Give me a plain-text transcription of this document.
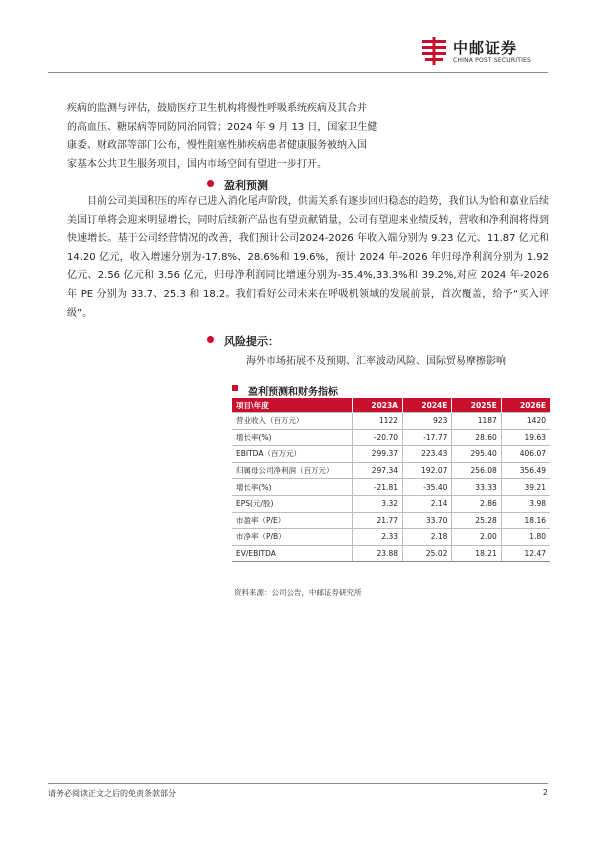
中邮证券
CHINA POST SECURITIES

疾病的监测与评估，鼓励医疗卫生机构将慢性呼吸系统疾病及其合并

的高血压、糖尿病等同防同治同管；2024 年 9 月 13 日，国家卫生健

康委、财政部等部门公布，慢性阻塞性肺疾病患者健康服务被纳入国

家基本公共卫生服务项目，国内市场空间有望进一步打开。

盈利预测

目前公司美国积压的库存已进入消化尾声阶段，供需关系有逐步回归稳态的趋势，我们认为恰和嘉业后续美国订单将会迎来明显增长，同时后续新产品也有望贡献销量，公司有望迎来业绩反转，营收和净利润将得到快速增长。基于公司经营情况的改善，我们预计公司2024-2026 年收入端分别为 9.23 亿元、11.87 亿元和 14.20 亿元，收入增速分别为-17.8%、28.6%和 19.6%，预计 2024 年-2026 年归母净利润分别为 1.92 亿元、2.56 亿元和 3.56 亿元，归母净利润同比增速分别为-35.4%,33.3%和 39.2%,对应 2024 年-2026 年 PE 分别为 33.7、25.3 和 18.2。我们看好公司未来在呼吸机领域的发展前景，首次覆盖，给予“买入评级”。

风险提示：
海外市场拓展不及预期、汇率波动风险、国际贸易摩擦影响
盈利预测和财务指标
项目\年度	2023A	2024E	2025E	2026E
营业收入（百万元）	1122	923	1187	1420
增长率(%)	-20.70	-17.77	28.60	19.63
EBITDA（百万元）	299.37	223.43	295.40	406.07
归属母公司净利润（百万元）	297.34	192.07	256.08	356.49
增长率(%)	-21.81	-35.40	33.33	39.21
EPS(元/股)	3.32	2.14	2.86	3.98
市盈率（P/E）	21.77	33.70	25.28	18.16
市净率（P/B）	2.33	2.18	2.00	1.80
EV/EBITDA	23.88	25.02	18.21	12.47
资料来源：公司公告，中邮证券研究所
请务必阅读正文之后的免责条款部分	2
